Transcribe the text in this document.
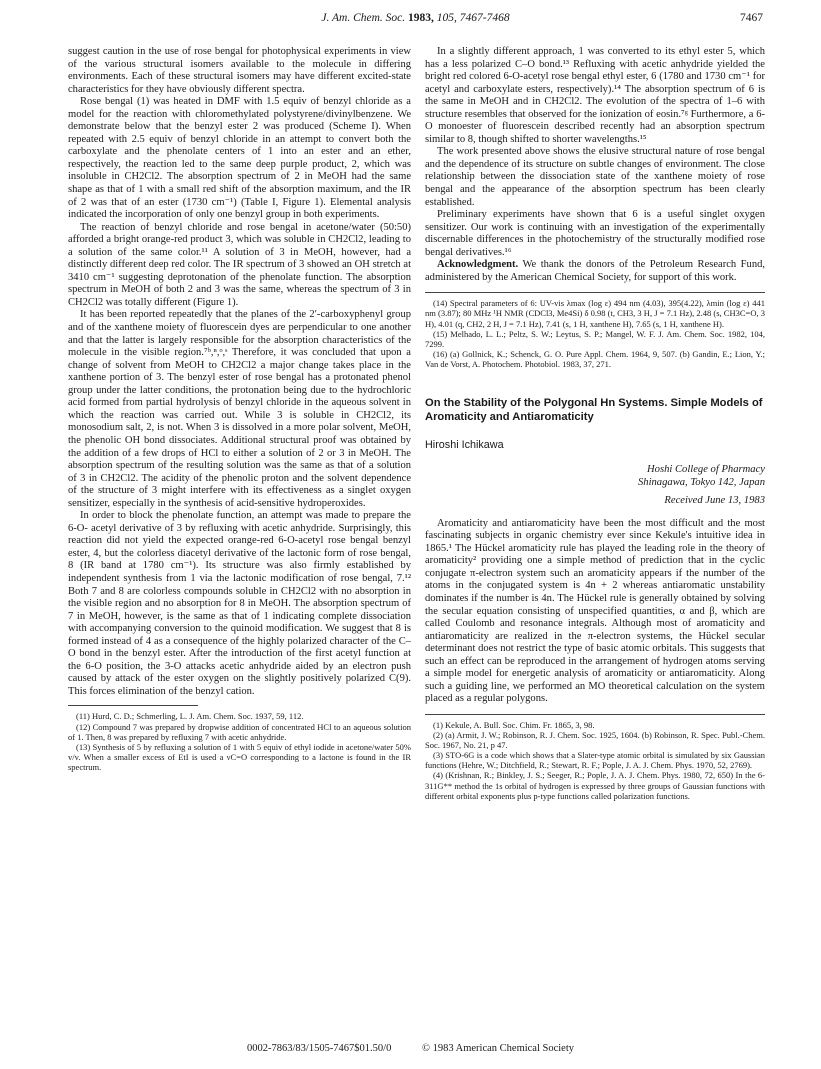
J. Am. Chem. Soc. 1983, 105, 7467-7468	7467

suggest caution in the use of rose bengal for photophysical experiments in view of the various structural isomers available to the molecule in differing environments. Each of these structural isomers may have different excited-state characteristics for they have obviously different spectra.

Rose bengal (1) was heated in DMF with 1.5 equiv of benzyl chloride as a model for the reaction with chloromethylated polystyrene/divinylbenzene. We demonstrate below that the benzyl ester 2 was produced (Scheme I). When repeated with 2.5 equiv of benzyl chloride in an attempt to convert both the carboxylate and the phenolate centers of 1 into an ester and an ether, respectively, the reaction led to the same deep purple product, 2, which was insoluble in CH2Cl2. The absorption spectrum of 2 in MeOH had the same shape as that of 1 with a small red shift of the absorption maximum, and the IR of 2 was that of an ester (1730 cm⁻¹) (Table I, Figure 1). Elemental analysis indicated the incorporation of only one benzyl group in both experiments.

The reaction of benzyl chloride and rose bengal in acetone/water (50:50) afforded a bright orange-red product 3, which was soluble in CH2Cl2, leading to a solution of the same color.¹¹ A solution of 3 in MeOH, however, had a distinctly different deep red color. The IR spectrum of 3 showed an OH stretch at 3410 cm⁻¹ suggesting deprotonation of the phenolate function. The absorption spectrum in MeOH of both 2 and 3 was the same, whereas the spectrum of 3 in CH2Cl2 was totally different (Figure 1).

It has been reported repeatedly that the planes of the 2′-carboxyphenyl group and of the xanthene moiety of fluorescein dyes are perpendicular to one another and that the latter is largely responsible for the absorption characteristics of the molecule in the visible region.⁷ᵇ,ⁿ,ᵒ,ˢ Therefore, it was concluded that upon a change of solvent from MeOH to CH2Cl2 a major change takes place in the xanthene portion of 3. The benzyl ester of rose bengal has a protonated phenol group under the latter conditions, the protonation being due to the hydrochloric acid formed from partial hydrolysis of benzyl chloride in the aqueous solvent in which the reaction was carried out. While 3 is soluble in CH2Cl2, its monosodium salt, 2, is not. When 3 is dissolved in a more polar solvent, MeOH, the phenolic OH bond dissociates. Additional structural proof was obtained by the addition of a few drops of HCl to either a solution of 2 or 3 in MeOH. The absorption spectrum of the resulting solution was the same as that of a solution of 3 in CH2Cl2. The acidity of the phenolic proton and the solvent dependence of the structure of 3 might interfere with its effectiveness as a singlet oxygen sensitizer, especially in the synthesis of acid-sensitive hydroperoxides.

In order to block the phenolate function, an attempt was made to prepare the 6-O- acetyl derivative of 3 by refluxing with acetic anhydride. Surprisingly, this reaction did not yield the expected orange-red 6-O-acetyl rose bengal benzyl ester, 4, but the colorless diacetyl derivative of the lactonic form of rose bengal, 8 (IR band at 1780 cm⁻¹). Its structure was also firmly established by independent synthesis from 1 via the lactonic modification of rose bengal, 7.¹² Both 7 and 8 are colorless compounds soluble in CH2Cl2 with no absorption in the visible region and no absorption for 8 in MeOH. The absorption spectrum of 7 in MeOH, however, is the same as that of 1 indicating complete dissociation with accompanying conversion to the quinoid modification. We suggest that 8 is formed instead of 4 as a consequence of the highly polarized character of the C–O bond in the benzyl ester. After the introduction of the first acetyl function at the 6-O position, the 3-O attacks acetic anhydride aided by an electron push caused by attack of the ester oxygen on the slightly positively polarized C(9). This forces elimination of the benzyl cation.

(11) Hurd, C. D.; Schmerling, L. J. Am. Chem. Soc. 1937, 59, 112.

(12) Compound 7 was prepared by dropwise addition of concentrated HCl to an aqueous solution of 1. Then, 8 was prepared by refluxing 7 with acetic anhydride.

(13) Synthesis of 5 by refluxing a solution of 1 with 5 equiv of ethyl iodide in acetone/water 50% v/v. When a smaller excess of EtI is used a νC=O corresponding to a lactone is found in the IR spectrum.

In a slightly different approach, 1 was converted to its ethyl ester 5, which has a less polarized C–O bond.¹³ Refluxing with acetic anhydride yielded the bright red colored 6-O-acetyl rose bengal ethyl ester, 6 (1780 and 1730 cm⁻¹ for acetyl and carboxylate esters, respectively).¹⁴ The absorption spectrum of 6 is the same in MeOH and in CH2Cl2. The evolution of the spectra of 1–6 with structure resembles that observed for the ionization of eosin.⁷ᵍ Furthermore, a 6-O monoester of fluorescein described recently had an absorption spectrum similar to 8, though shifted to shorter wavelengths.¹⁵

The work presented above shows the elusive structural nature of rose bengal and the dependence of its structure on subtle changes of environment. The close relationship between the dissociation state of the xanthene moiety of rose bengal and the appearance of the absorption spectrum has been clearly established.

Preliminary experiments have shown that 6 is a useful singlet oxygen sensitizer. Our work is continuing with an investigation of the experimentally discernable differences in the photochemistry of the structurally modified rose bengal derivatives.¹⁶

Acknowledgment. We thank the donors of the Petroleum Research Fund, administered by the American Chemical Society, for support of this work.

(14) Spectral parameters of 6: UV-vis λmax (log ε) 494 nm (4.03), 395(4.22), λmin (log ε) 441 nm (3.87); 80 MHz ¹H NMR (CDCl3, Me4Si) δ 0.98 (t, CH3, 3 H, J = 7.1 Hz), 2.48 (s, CH3C=O, 3 H), 4.01 (q, CH2, 2 H, J = 7.1 Hz), 7.41 (s, 1 H, xanthene H), 7.65 (s, 1 H, xanthene H).

(15) Melhado, L. L.; Peltz, S. W.; Leytus, S. P.; Mangel, W. F. J. Am. Chem. Soc. 1982, 104, 7299.

(16) (a) Gollnick, K.; Schenck, G. O. Pure Appl. Chem. 1964, 9, 507. (b) Gandin, E.; Lion, Y.; Van de Vorst, A. Photochem. Photobiol. 1983, 37, 271.

On the Stability of the Polygonal Hn Systems. Simple Models of Aromaticity and Antiaromaticity
Hiroshi Ichikawa
Hoshi College of Pharmacy
Shinagawa, Tokyo 142, Japan
Received June 13, 1983

Aromaticity and antiaromaticity have been the most difficult and the most fascinating subjects in organic chemistry ever since Kekule's intuitive idea in 1865.¹ The Hückel aromaticity rule has played the leading role in the theory of aromaticity² providing one a simple method of prediction that in the cyclic conjugate π-electron system such an aromaticity appears if the number of the atoms in the conjugated system is 4n + 2 whereas antiaromatic unstability dominates if the number is 4n. The Hückel rule is generally obtained by solving the secular equation consisting of unspecified quantities, α and β, which are called Coulomb and resonance integrals. Although most of aromaticity and antiaromaticity are realized in the π-electron systems, the Hückel secular determinant does not restrict the type of basic atomic orbitals. This suggests that such an effect can be reproduced in the arrangement of hydrogen atoms serving a simple model for energetic analysis of aromaticity or antiaromaticity. Along such a guiding line, we performed an MO theoretical calculation on the system placed as a regular polygons.

(1) Kekule, A. Bull. Soc. Chim. Fr. 1865, 3, 98.

(2) (a) Armit, J. W.; Robinson, R. J. Chem. Soc. 1925, 1604. (b) Robinson, R. Spec. Publ.-Chem. Soc. 1967, No. 21, p 47.

(3) STO-6G is a code which shows that a Slater-type atomic orbital is simulated by six Gaussian functions (Hehre, W.; Ditchfield, R.; Stewart, R. F.; Pople, J. A. J. Chem. Phys. 1970, 52, 2769).

(4) (Krishnan, R.; Binkley, J. S.; Seeger, R.; Pople, J. A. J. Chem. Phys. 1980, 72, 650) In the 6-311G** method the 1s orbital of hydrogen is expressed by three groups of Gaussian functions with different orbital exponents plus p-type functions called polarization functions.

0002-7863/83/1505-7467$01.50/0	© 1983 American Chemical Society
